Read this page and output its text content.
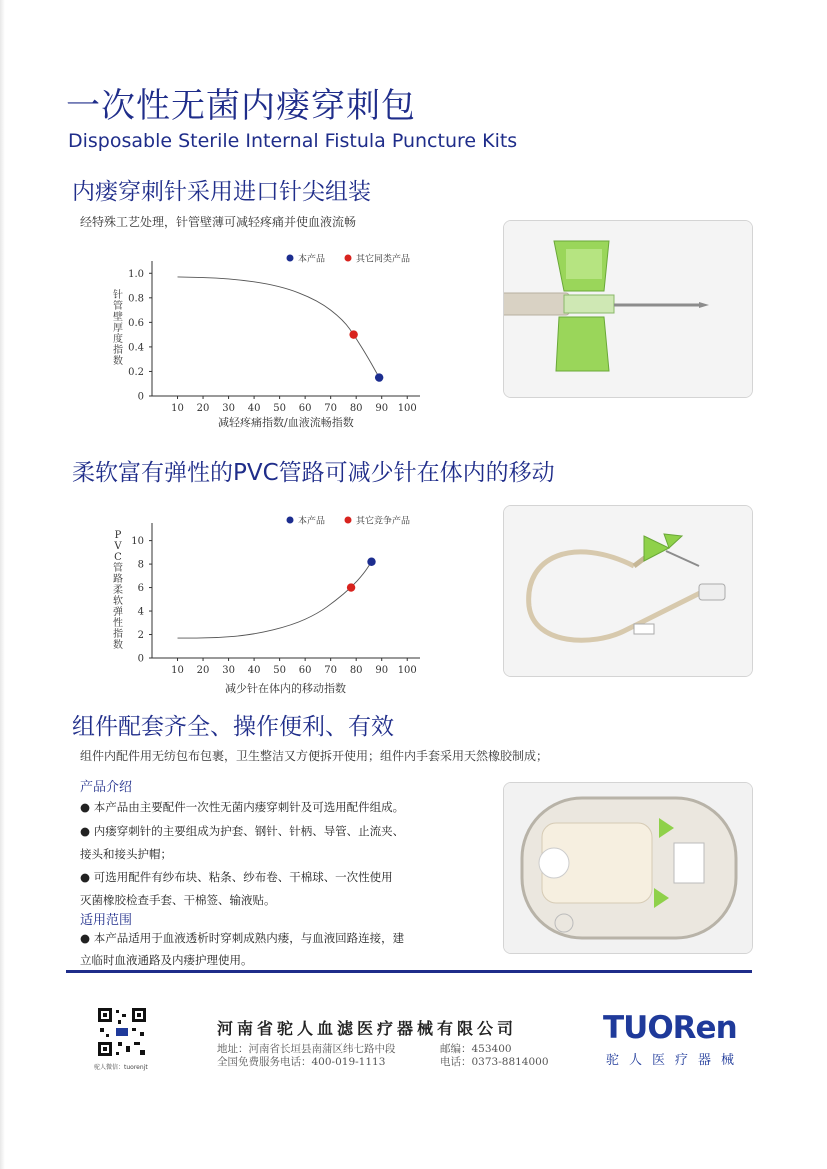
一次性无菌内瘘穿刺包
Disposable Sterile Internal Fistula Puncture Kits
内瘘穿刺针采用进口针尖组装
经特殊工艺处理，针管壁薄可减轻疼痛并使血液流畅
10 20 30 40 50 60 70 80 90 100
0
0.2
0.4
0.6
0.8
1.0
本产品	其它同类产品
针管壁厚度指数
减轻疼痛指数/血液流畅指数
柔软富有弹性的PVC管路可减少针在体内的移动
10 20 30 40 50 60 70 80 90 100
0
2
4
6
8
10
本产品	其它竞争产品
P V C 管路柔软弹性指数
减少针在体内的移动指数
组件配套齐全、操作便利、有效
组件内配件用无纺包布包裹，卫生整洁又方便拆开使用；组件内手套采用天然橡胶制成；
产品介绍
● 本产品由主要配件一次性无菌内瘘穿刺针及可选用配件组成。
● 内瘘穿刺针的主要组成为护套、钢针、针柄、导管、止流夹、
接头和接头护帽；
● 可选用配件有纱布块、粘条、纱布卷、干棉球、一次性使用
灭菌橡胶检查手套、干棉签、输液贴。
适用范围
● 本产品适用于血液透析时穿刺成熟内瘘，与血液回路连接，建
立临时血液通路及内瘘护理使用。
驼人微信：tuorenjt
河南省驼人血滤医疗器械有限公司
地址：河南省长垣县南蒲区纬七路中段	邮编：453400
全国免费服务电话：400-019-1113	电话：0373-8814000
TUORen
驼人医疗器械
